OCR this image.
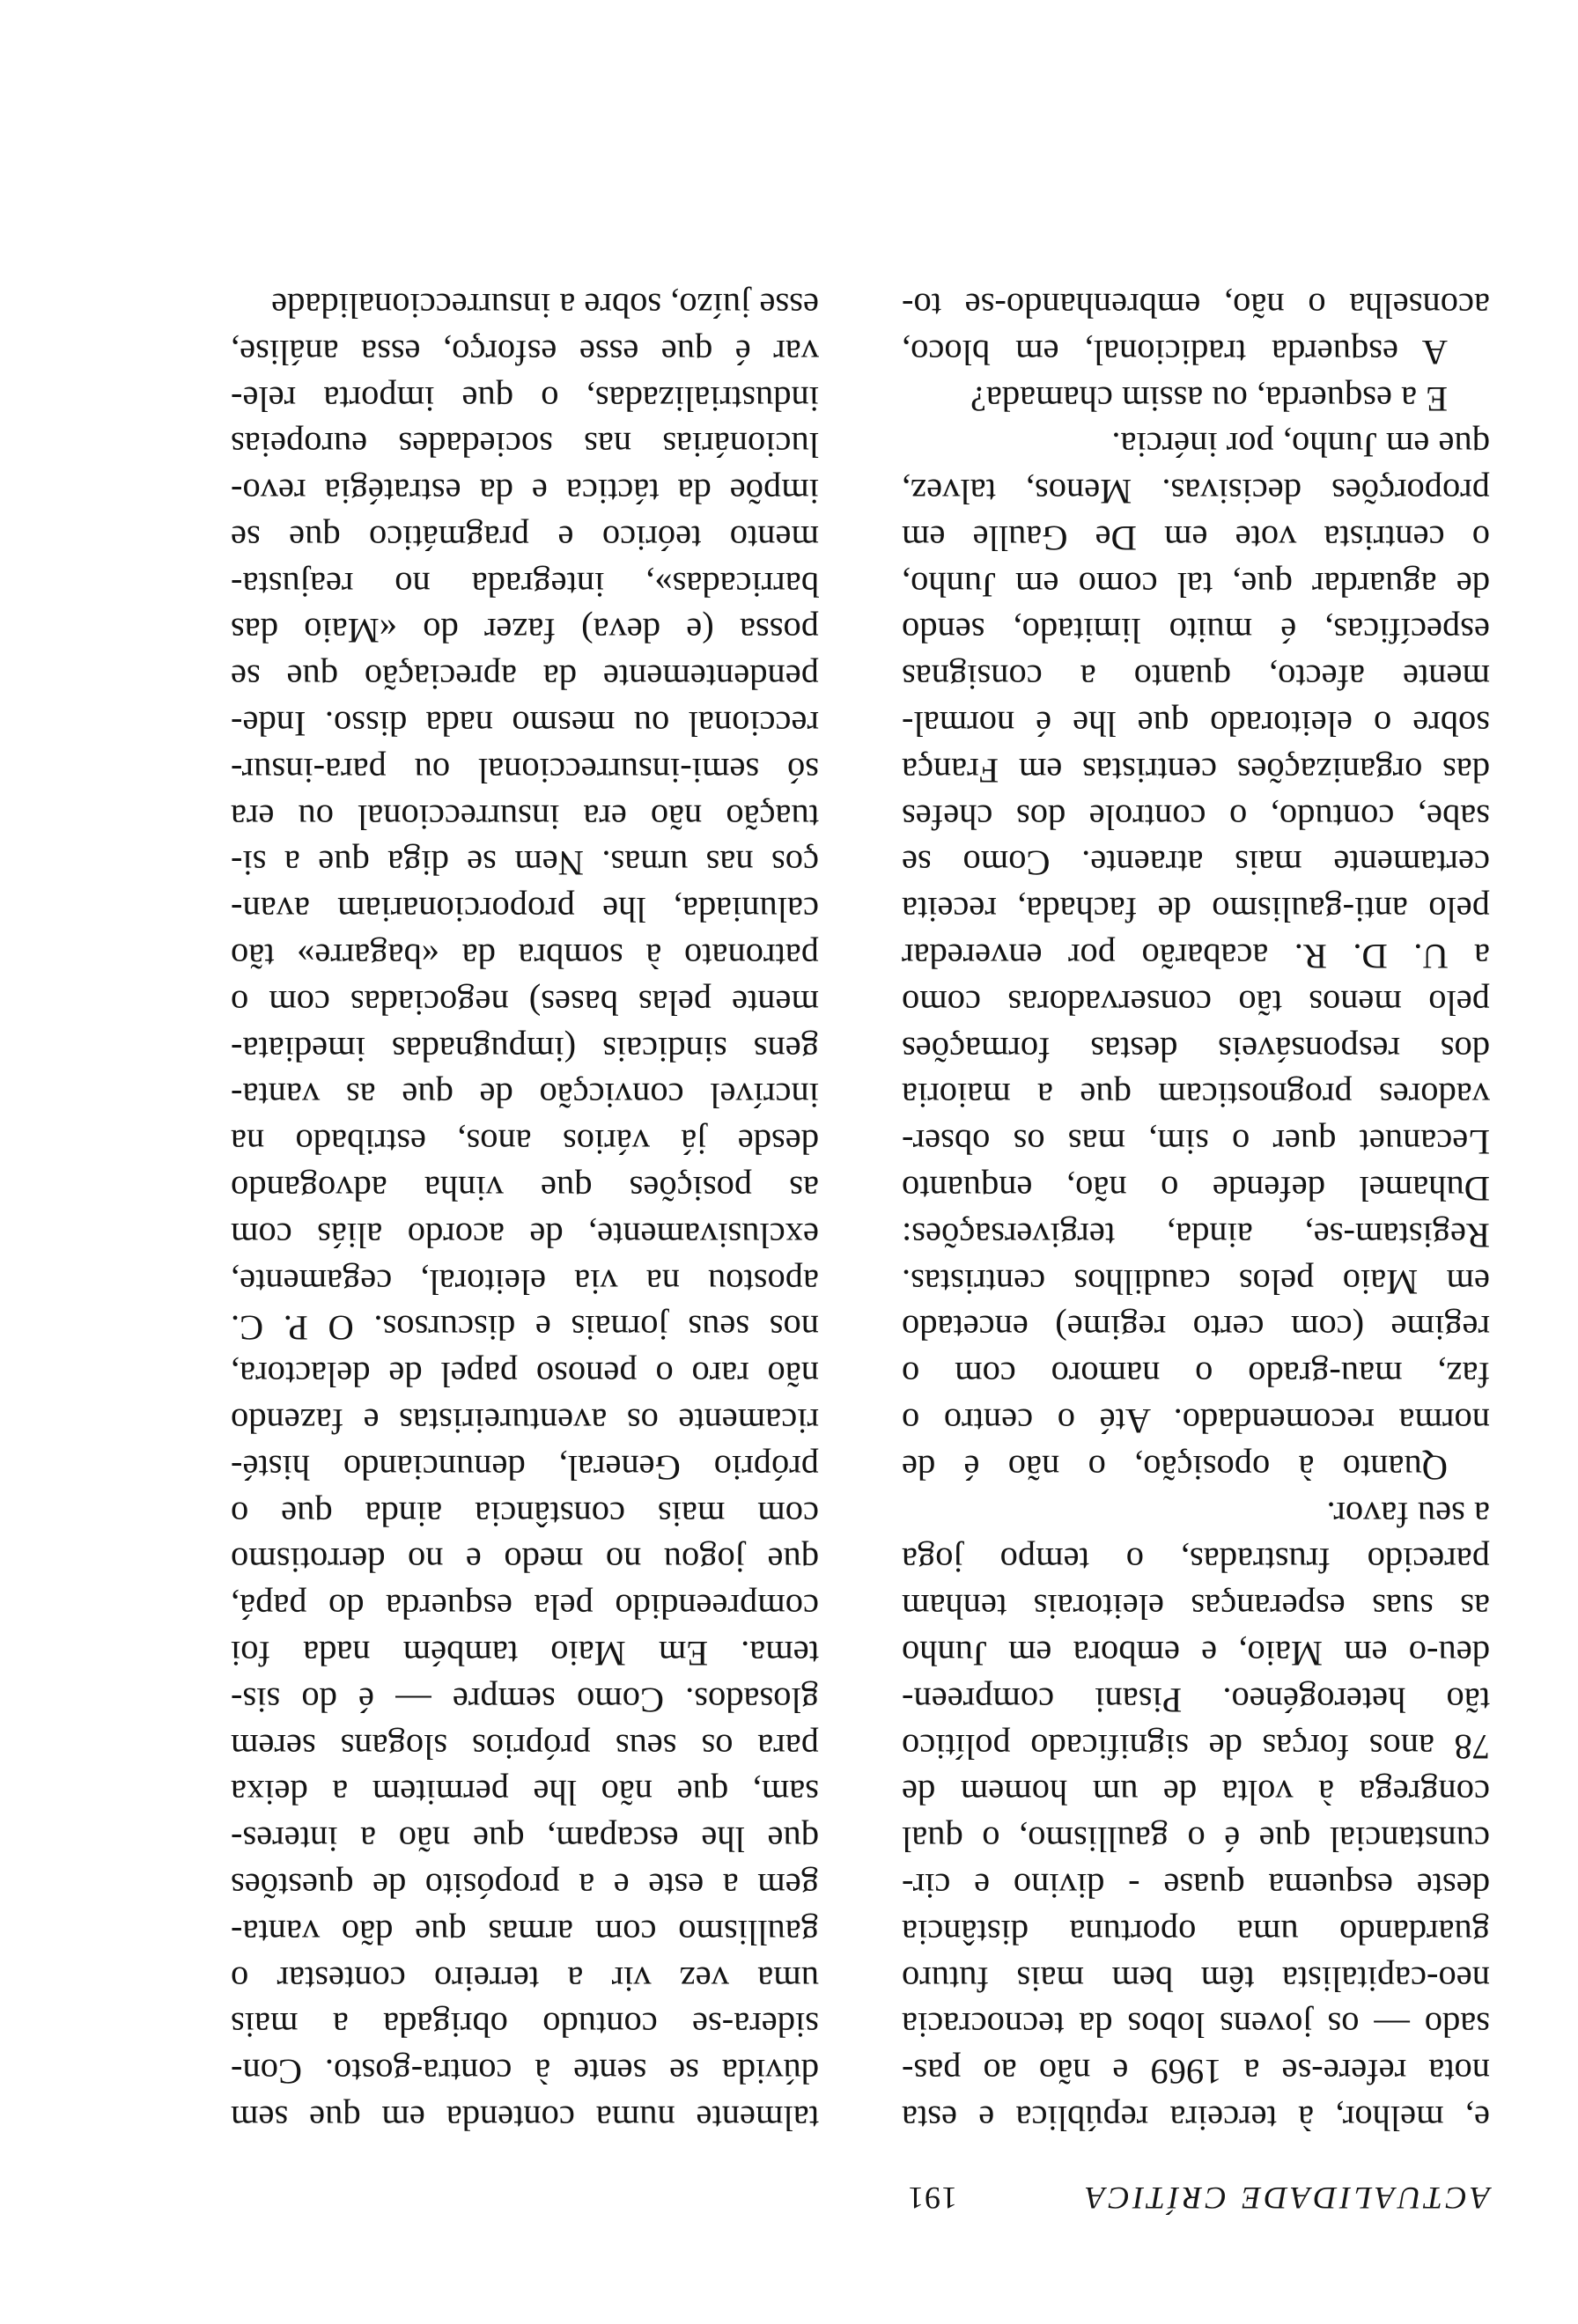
ACTUALIDADE CRÍTICA
191
e, melhor, à terceira república e esta
nota refere-se a 1969 e não ao pas-
sado — os jovens lobos da tecnocracia
neo-capitalista têm bem mais futuro
guardando uma oportuna distância
deste esquema quase - divino e cir-
cunstancial que é o gaullismo, o qual
congrega à volta de um homem de
78 anos forças de significado político
tão heterogéneo. Pisani compreen-
deu-o em Maio, e embora em Junho
as suas esperanças eleitorais tenham
parecido frustradas, o tempo joga
a seu favor.
Quanto à oposição, o não é de
norma recomendado. Até o centro o
faz, mau-grado o namoro com o
regime (com certo regime) encetado
em Maio pelos caudilhos centristas.
Registam-se, ainda, tergiversações:
Duhamel defende o não, enquanto
Lecanuet quer o sim, mas os obser-
vadores prognosticam que a maioria
dos responsáveis destas formações
pelo menos tão conservadoras como
a U. D. R. acabarão por enveredar
pelo anti-gaulismo de fachada, receita
certamente mais atraente. Como se
sabe, contudo, o controle dos chefes
das organizações centristas em França
sobre o eleitorado que lhe é normal-
mente afecto, quanto a consignas
específicas, é muito limitado, sendo
de aguardar que, tal como em Junho,
o centrista vote em De Gaulle em
proporções decisivas. Menos, talvez,
que em Junho, por inércia.
E a esquerda, ou assim chamada?
A esquerda tradicional, em bloco,
aconselha o não, embrenhando-se to-
talmente numa contenda em que sem
dúvida se sente à contra-gosto. Con-
sidera-se contudo obrigada a mais
uma vez vir a terreiro contestar o
gaullismo com armas que dão vanta-
gem a este e a propósito de questões
que lhe escapam, que não a interes-
sam, que não lhe permitem a deixa
para os seus próprios slogans serem
glosados. Como sempre — é do sis-
tema. Em Maio também nada foi
compreendido pela esquerda do papá,
que jogou no medo e no derrotismo
com mais constância ainda que o
próprio General, denunciando histé-
ricamente os aventureiristas e fazendo
não raro o penoso papel de delactora,
nos seus jornais e discursos. O P. C.
apostou na via eleitoral, cegamente,
exclusivamente, de acordo aliás com
as posições que vinha advogando
desde já vários anos, estribado na
incrível convicção de que as vanta-
gens sindicais (impugnadas imediata-
mente pelas bases) negociadas com o
patronato à sombra da «bagarre» tão
caluniada, lhe proporcionariam avan-
ços nas urnas. Nem se diga que a si-
tuação não era insurreccional ou era
só semi-insurreccional ou para-insur-
reccional ou mesmo nada disso. Inde-
pendentemente da apreciação que se
possa (e deva) fazer do «Maio das
barricadas», integrada no reajusta-
mento teórico e pragmático que se
impõe da táctica e da estratégia revo-
lucionárias nas sociedades europeias
industrializadas, o que importa rele-
var é que esse esforço, essa análise,
esse juízo, sobre a insurreccionalidade
